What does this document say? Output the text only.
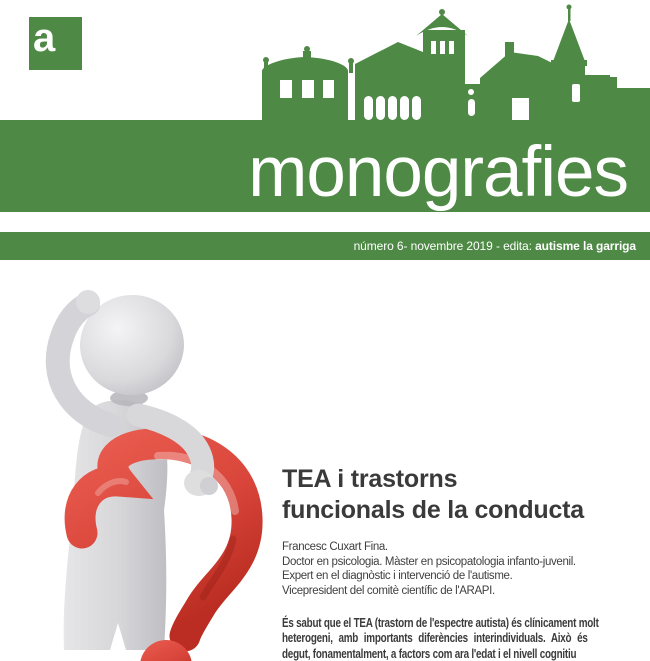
a
monografies
número 6- novembre 2019 - edita: autisme la garriga
TEA i trastorns
funcionals de la conducta
Francesc Cuxart Fina.
Doctor en psicologia. Màster en psicopatologia infanto-juvenil.
Expert en el diagnòstic i intervenció de l'autisme.
Vicepresident del comitè científic de l'ARAPI.
És sabut que el TEA (trastorn de l'espectre autista) és clínicament molt
heterogeni, amb importants diferències interindividuals. Això és
degut, fonamentalment, a factors com ara l'edat i el nivell cognitiu
